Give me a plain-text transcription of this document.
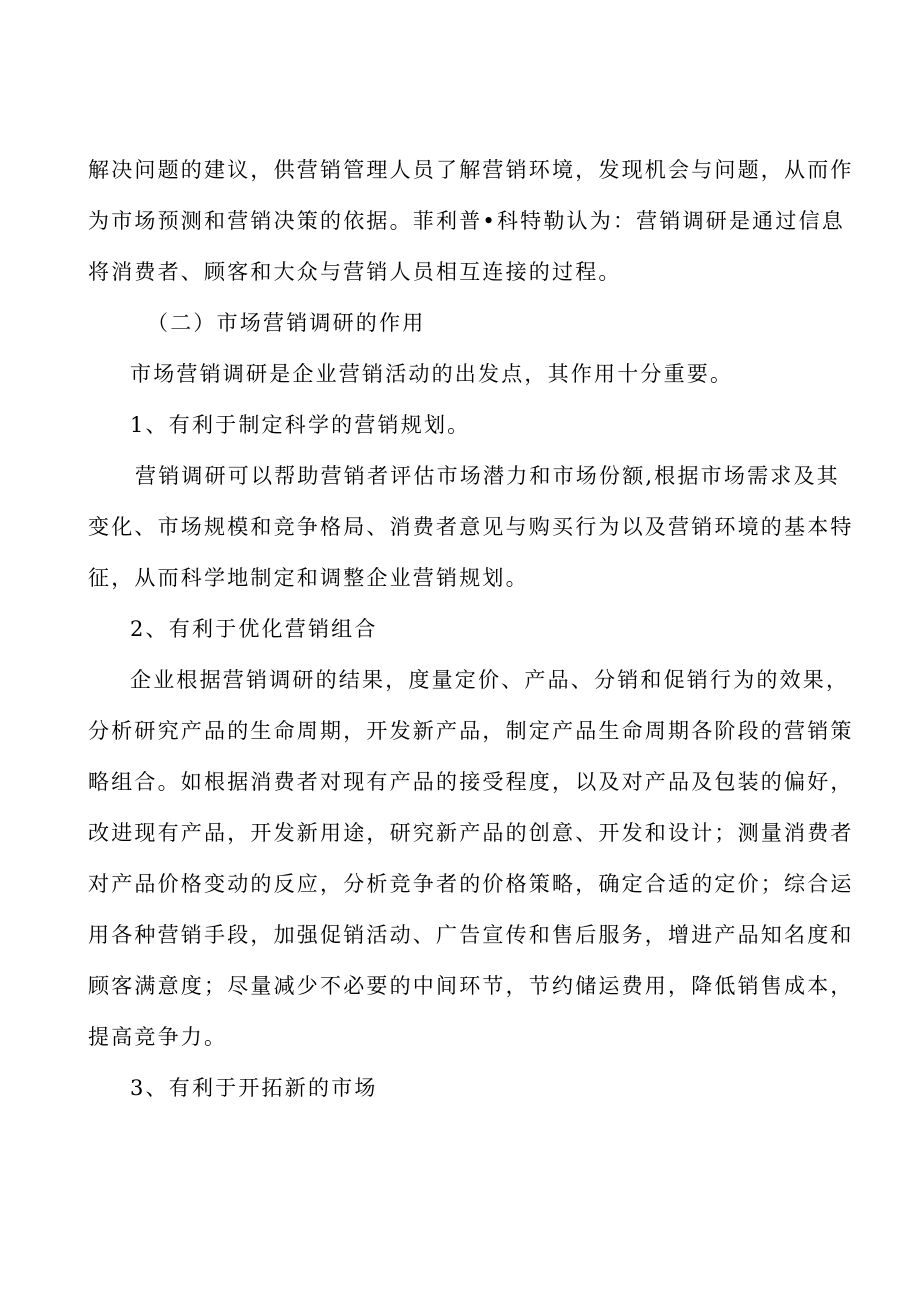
解决问题的建议，供营销管理人员了解营销环境，发现机会与问题，从而作
为市场预测和营销决策的依据。菲利普•科特勒认为：营销调研是通过信息
将消费者、顾客和大众与营销人员相互连接的过程。
（二）市场营销调研的作用
市场营销调研是企业营销活动的出发点，其作用十分重要。
1、有利于制定科学的营销规划。
营销调研可以帮助营销者评估市场潜力和市场份额,根据市场需求及其
变化、市场规模和竞争格局、消费者意见与购买行为以及营销环境的基本特
征，从而科学地制定和调整企业营销规划。
2、有利于优化营销组合
企业根据营销调研的结果，度量定价、产品、分销和促销行为的效果，
分析研究产品的生命周期，开发新产品，制定产品生命周期各阶段的营销策
略组合。如根据消费者对现有产品的接受程度，以及对产品及包装的偏好，
改进现有产品，开发新用途，研究新产品的创意、开发和设计；测量消费者
对产品价格变动的反应，分析竞争者的价格策略，确定合适的定价；综合运
用各种营销手段，加强促销活动、广告宣传和售后服务，增进产品知名度和
顾客满意度；尽量减少不必要的中间环节，节约储运费用，降低销售成本，
提高竞争力。
3、有利于开拓新的市场
